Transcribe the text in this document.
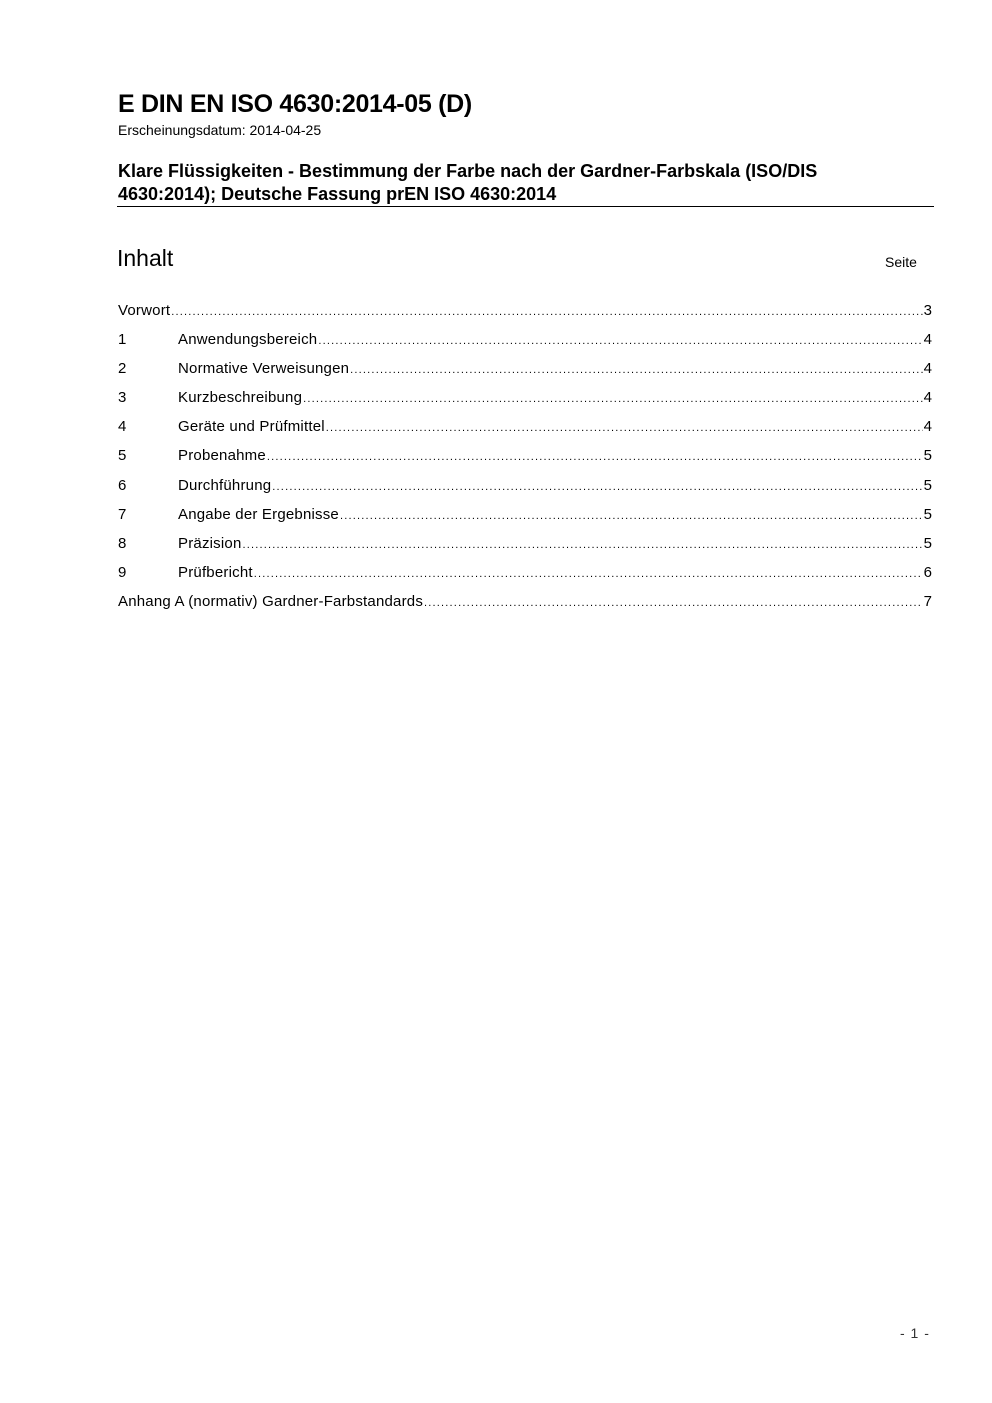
E DIN EN ISO 4630:2014-05 (D)
Erscheinungsdatum: 2014-04-25
Klare Flüssigkeiten - Bestimmung der Farbe nach der Gardner-Farbskala (ISO/DIS 4630:2014); Deutsche Fassung prEN ISO 4630:2014
Inhalt	Seite
Vorwort .....	3
1	Anwendungsbereich .....	4
2	Normative Verweisungen .....	4
3	Kurzbeschreibung .....	4
4	Geräte und Prüfmittel .....	4
5	Probenahme .....	5
6	Durchführung .....	5
7	Angabe der Ergebnisse .....	5
8	Präzision .....	5
9	Prüfbericht .....	6
Anhang A (normativ) Gardner-Farbstandards .....	7
- 1 -
